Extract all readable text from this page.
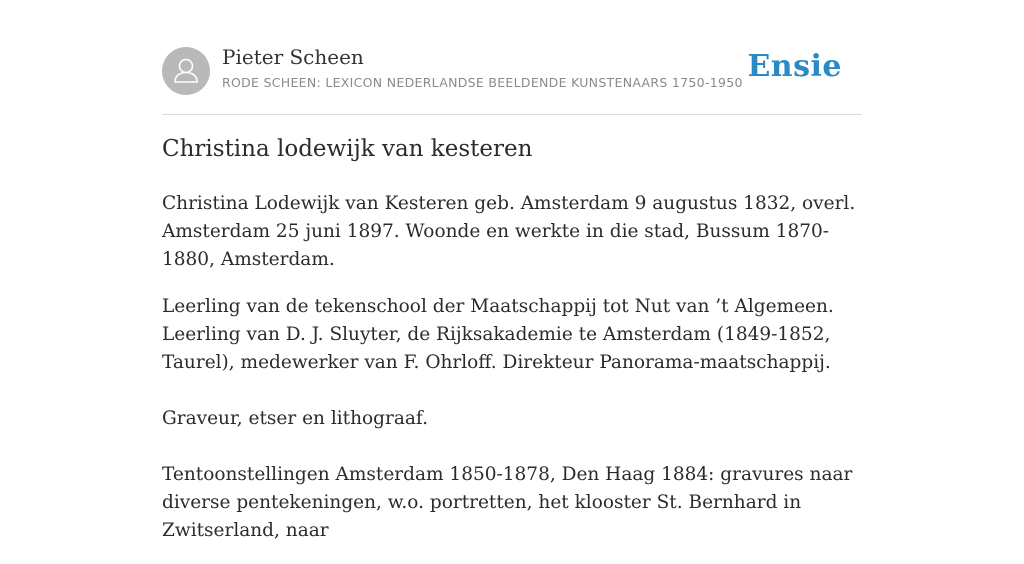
Pieter Scheen
RODE SCHEEN: LEXICON NEDERLANDSE BEELDENDE KUNSTENAARS 1750-1950 Ensie
Christina lodewijk van kesteren

Christina Lodewijk van Kesteren geb. Amsterdam 9 augustus 1832, overl. Amsterdam 25 juni 1897. Woonde en werkte in die stad, Bussum 1870-1880, Amsterdam.

Leerling van de tekenschool der Maatschappij tot Nut van ’t Algemeen. Leerling van D. J. Sluyter, de Rijksakademie te Amsterdam (1849-1852, Taurel), medewerker van F. Ohrloff. Direkteur Panorama-maatschappij.

Graveur, etser en lithograaf.

Tentoonstellingen Amsterdam 1850-1878, Den Haag 1884: gravures naar diverse pentekeningen, w.o. portretten, het klooster St. Bernhard in Zwitserland, naar
